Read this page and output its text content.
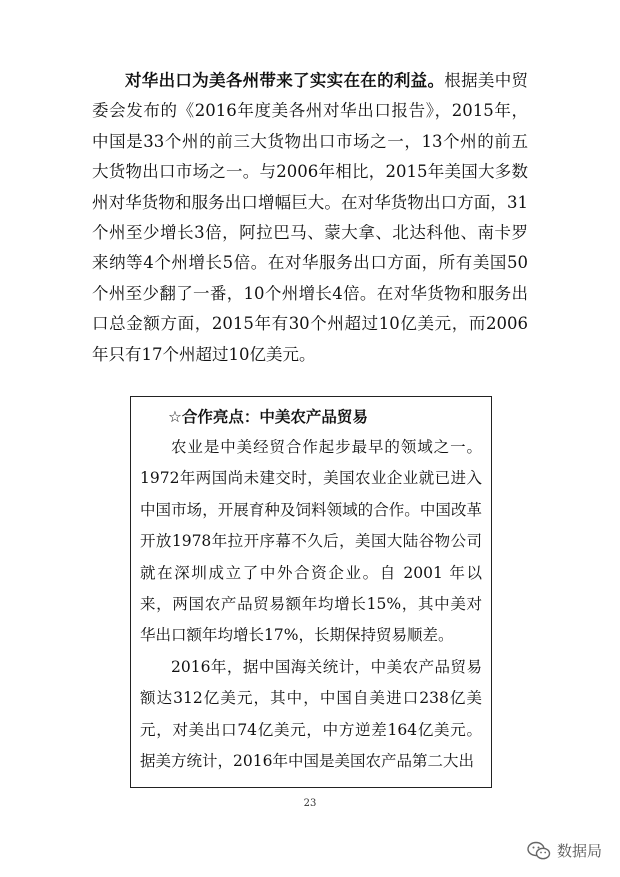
对华出口为美各州带来了实实在在的利益。根据美中贸委会发布的《2016年度美各州对华出口报告》，2015年，中国是33个州的前三大货物出口市场之一，13个州的前五大货物出口市场之一。与2006年相比，2015年美国大多数州对华货物和服务出口增幅巨大。在对华货物出口方面，31个州至少增长3倍，阿拉巴马、蒙大拿、北达科他、南卡罗来纳等4个州增长5倍。在对华服务出口方面，所有美国50个州至少翻了一番，10个州增长4倍。在对华货物和服务出口总金额方面，2015年有30个州超过10亿美元，而2006年只有17个州超过10亿美元。

☆合作亮点：中美农产品贸易

农业是中美经贸合作起步最早的领域之一。1972年两国尚未建交时，美国农业企业就已进入中国市场，开展育种及饲料领域的合作。中国改革开放1978年拉开序幕不久后，美国大陆谷物公司就在深圳成立了中外合资企业。自 2001 年以来，两国农产品贸易额年均增长15%，其中美对华出口额年均增长17%，长期保持贸易顺差。

2016年，据中国海关统计，中美农产品贸易额达312亿美元，其中，中国自美进口238亿美元，对美出口74亿美元，中方逆差164亿美元。据美方统计，2016年中国是美国农产品第二大出

23
数据局
